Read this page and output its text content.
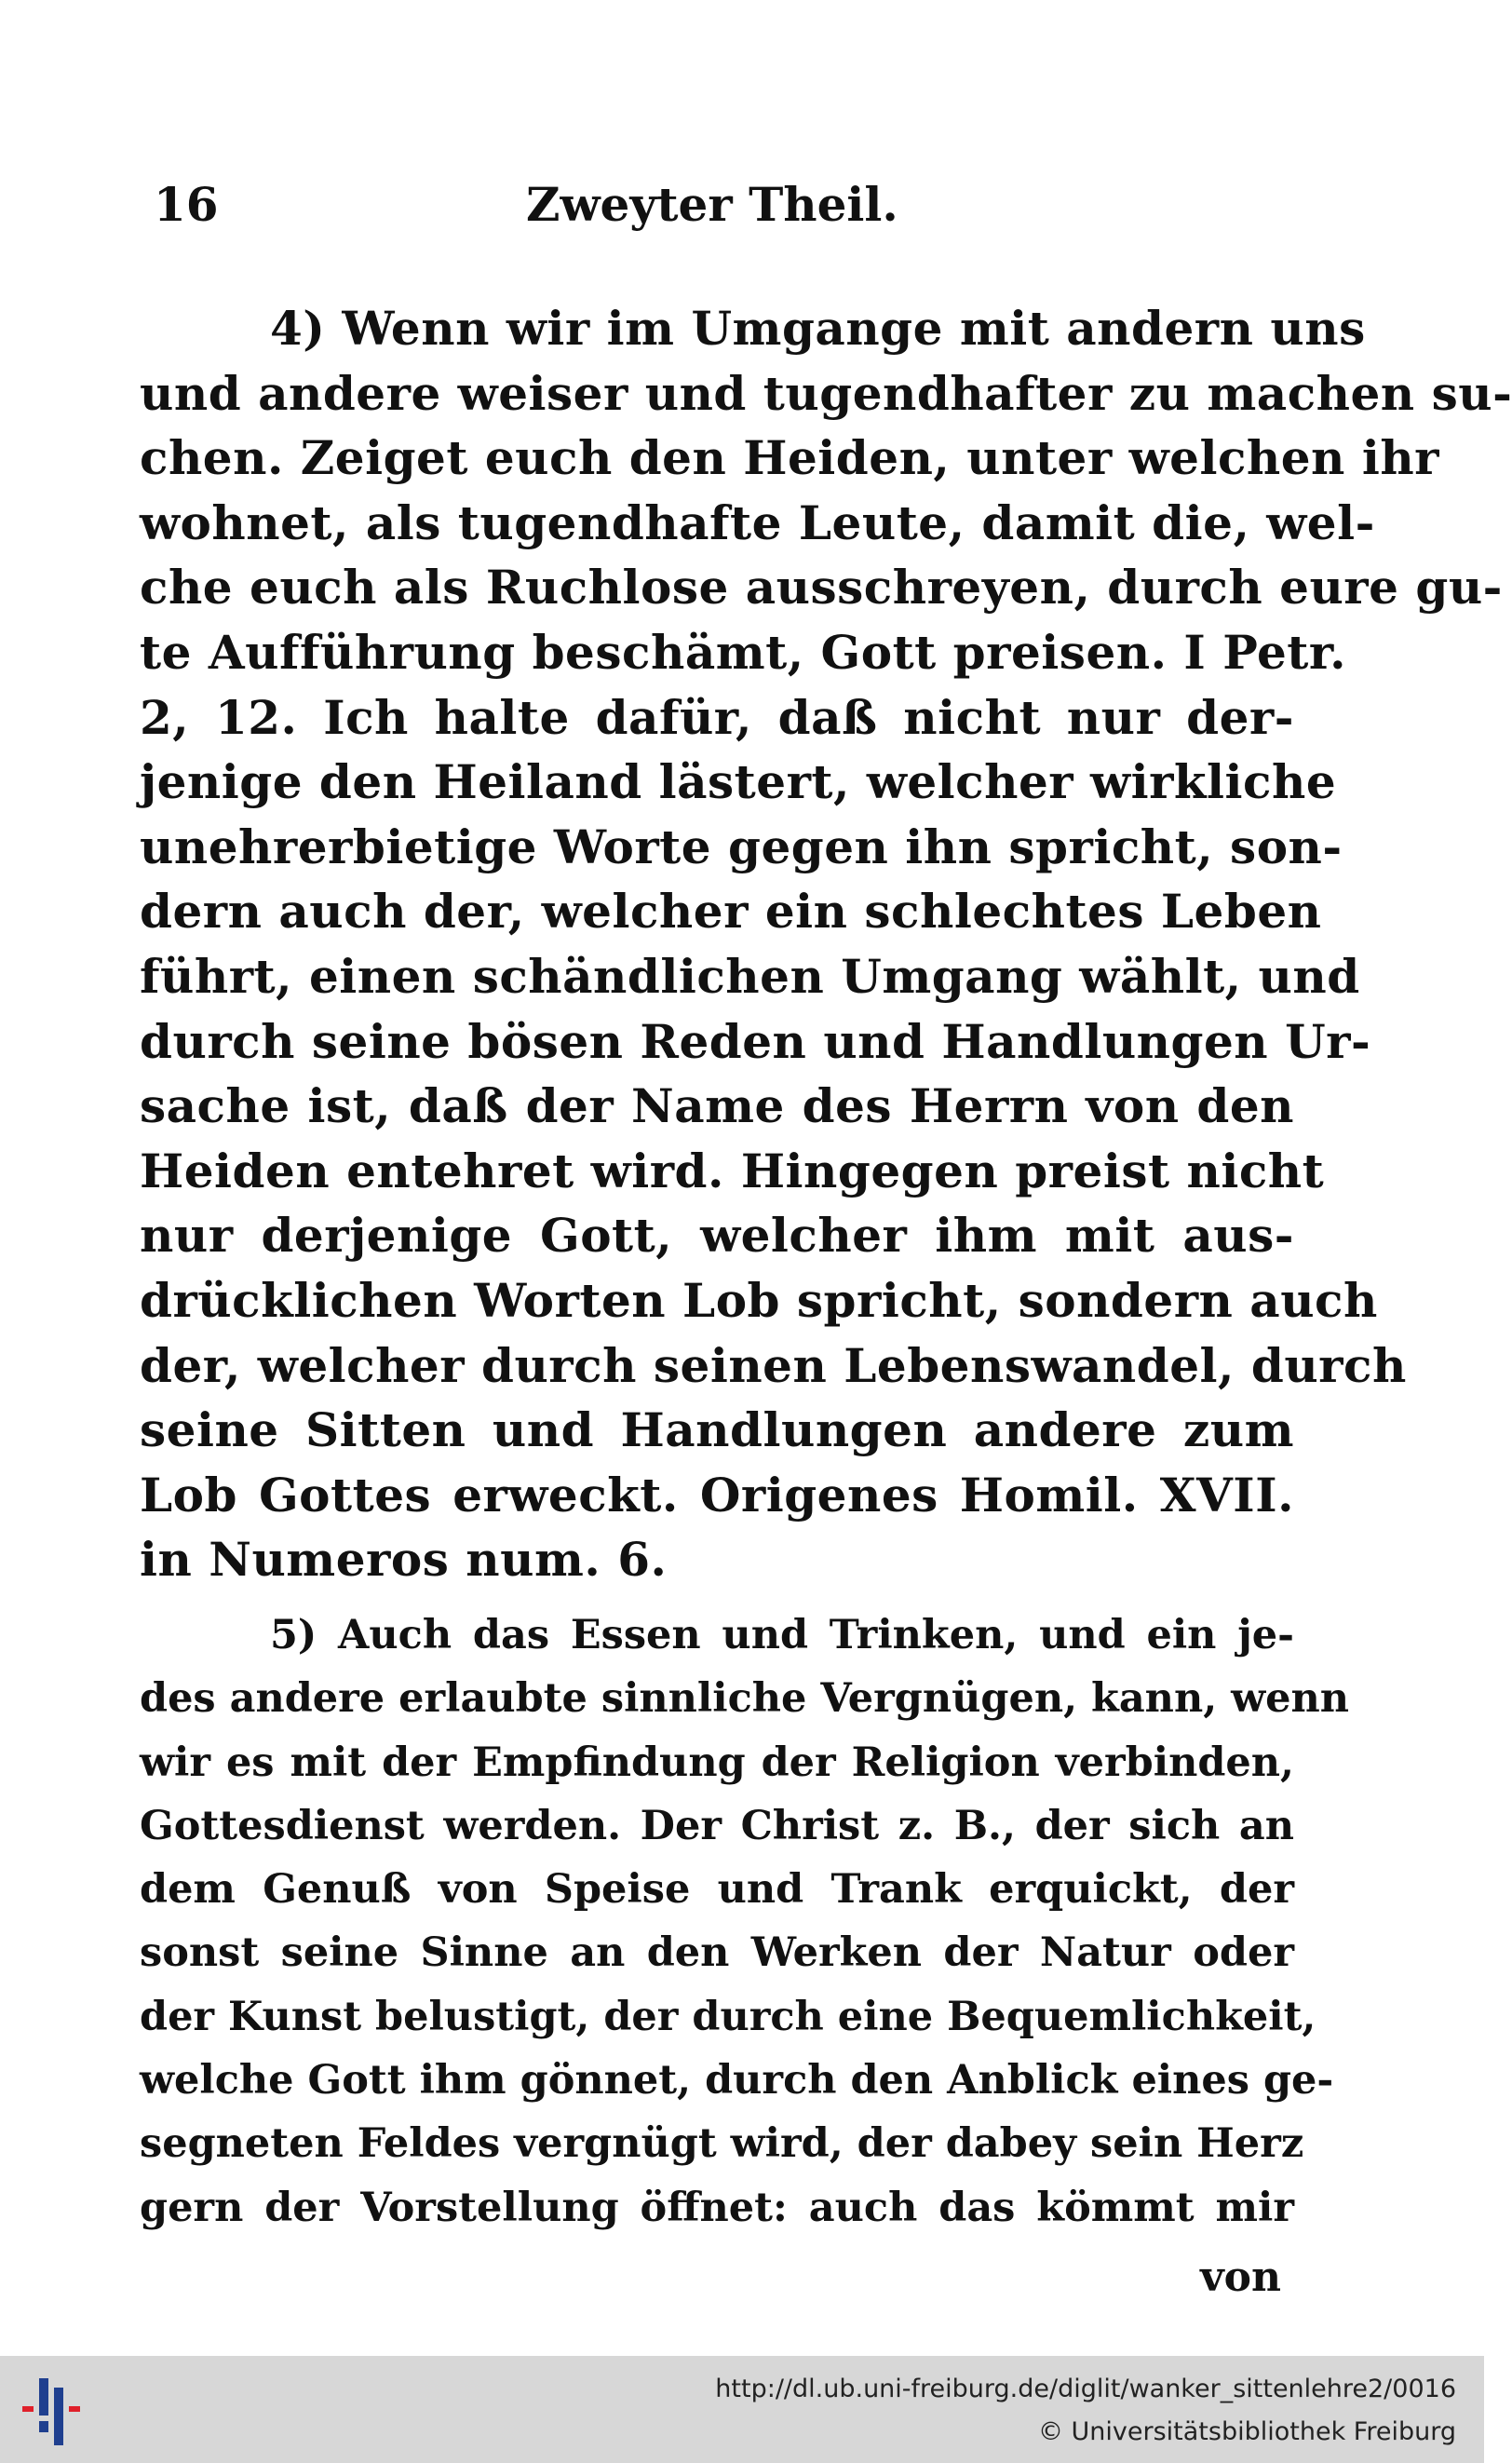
16	Zweyter Theil.
4) Wenn wir im Umgange mit andern uns
und andere weiser und tugendhafter zu machen su-
chen. Zeiget euch den Heiden, unter welchen ihr
wohnet, als tugendhafte Leute, damit die, wel-
che euch als Ruchlose ausschreyen, durch eure gu-
te Aufführung beschämt, Gott preisen. I Petr.
2, 12. Ich halte dafür, daß nicht nur der-
jenige den Heiland lästert, welcher wirkliche
unehrerbietige Worte gegen ihn spricht, son-
dern auch der, welcher ein schlechtes Leben
führt, einen schändlichen Umgang wählt, und
durch seine bösen Reden und Handlungen Ur-
sache ist, daß der Name des Herrn von den
Heiden entehret wird. Hingegen preist nicht
nur derjenige Gott, welcher ihm mit aus-
drücklichen Worten Lob spricht, sondern auch
der, welcher durch seinen Lebenswandel, durch
seine Sitten und Handlungen andere zum
Lob Gottes erweckt. Origenes Homil. XVII.
in Numeros num. 6.
5) Auch das Essen und Trinken, und ein je-
des andere erlaubte sinnliche Vergnügen, kann, wenn
wir es mit der Empfindung der Religion verbinden,
Gottesdienst werden. Der Christ z. B., der sich an
dem Genuß von Speise und Trank erquickt, der
sonst seine Sinne an den Werken der Natur oder
der Kunst belustigt, der durch eine Bequemlichkeit,
welche Gott ihm gönnet, durch den Anblick eines ge-
segneten Feldes vergnügt wird, der dabey sein Herz
gern der Vorstellung öffnet: auch das kömmt mir
von
http://dl.ub.uni-freiburg.de/diglit/wanker_sittenlehre2/0016
© Universitätsbibliothek Freiburg
